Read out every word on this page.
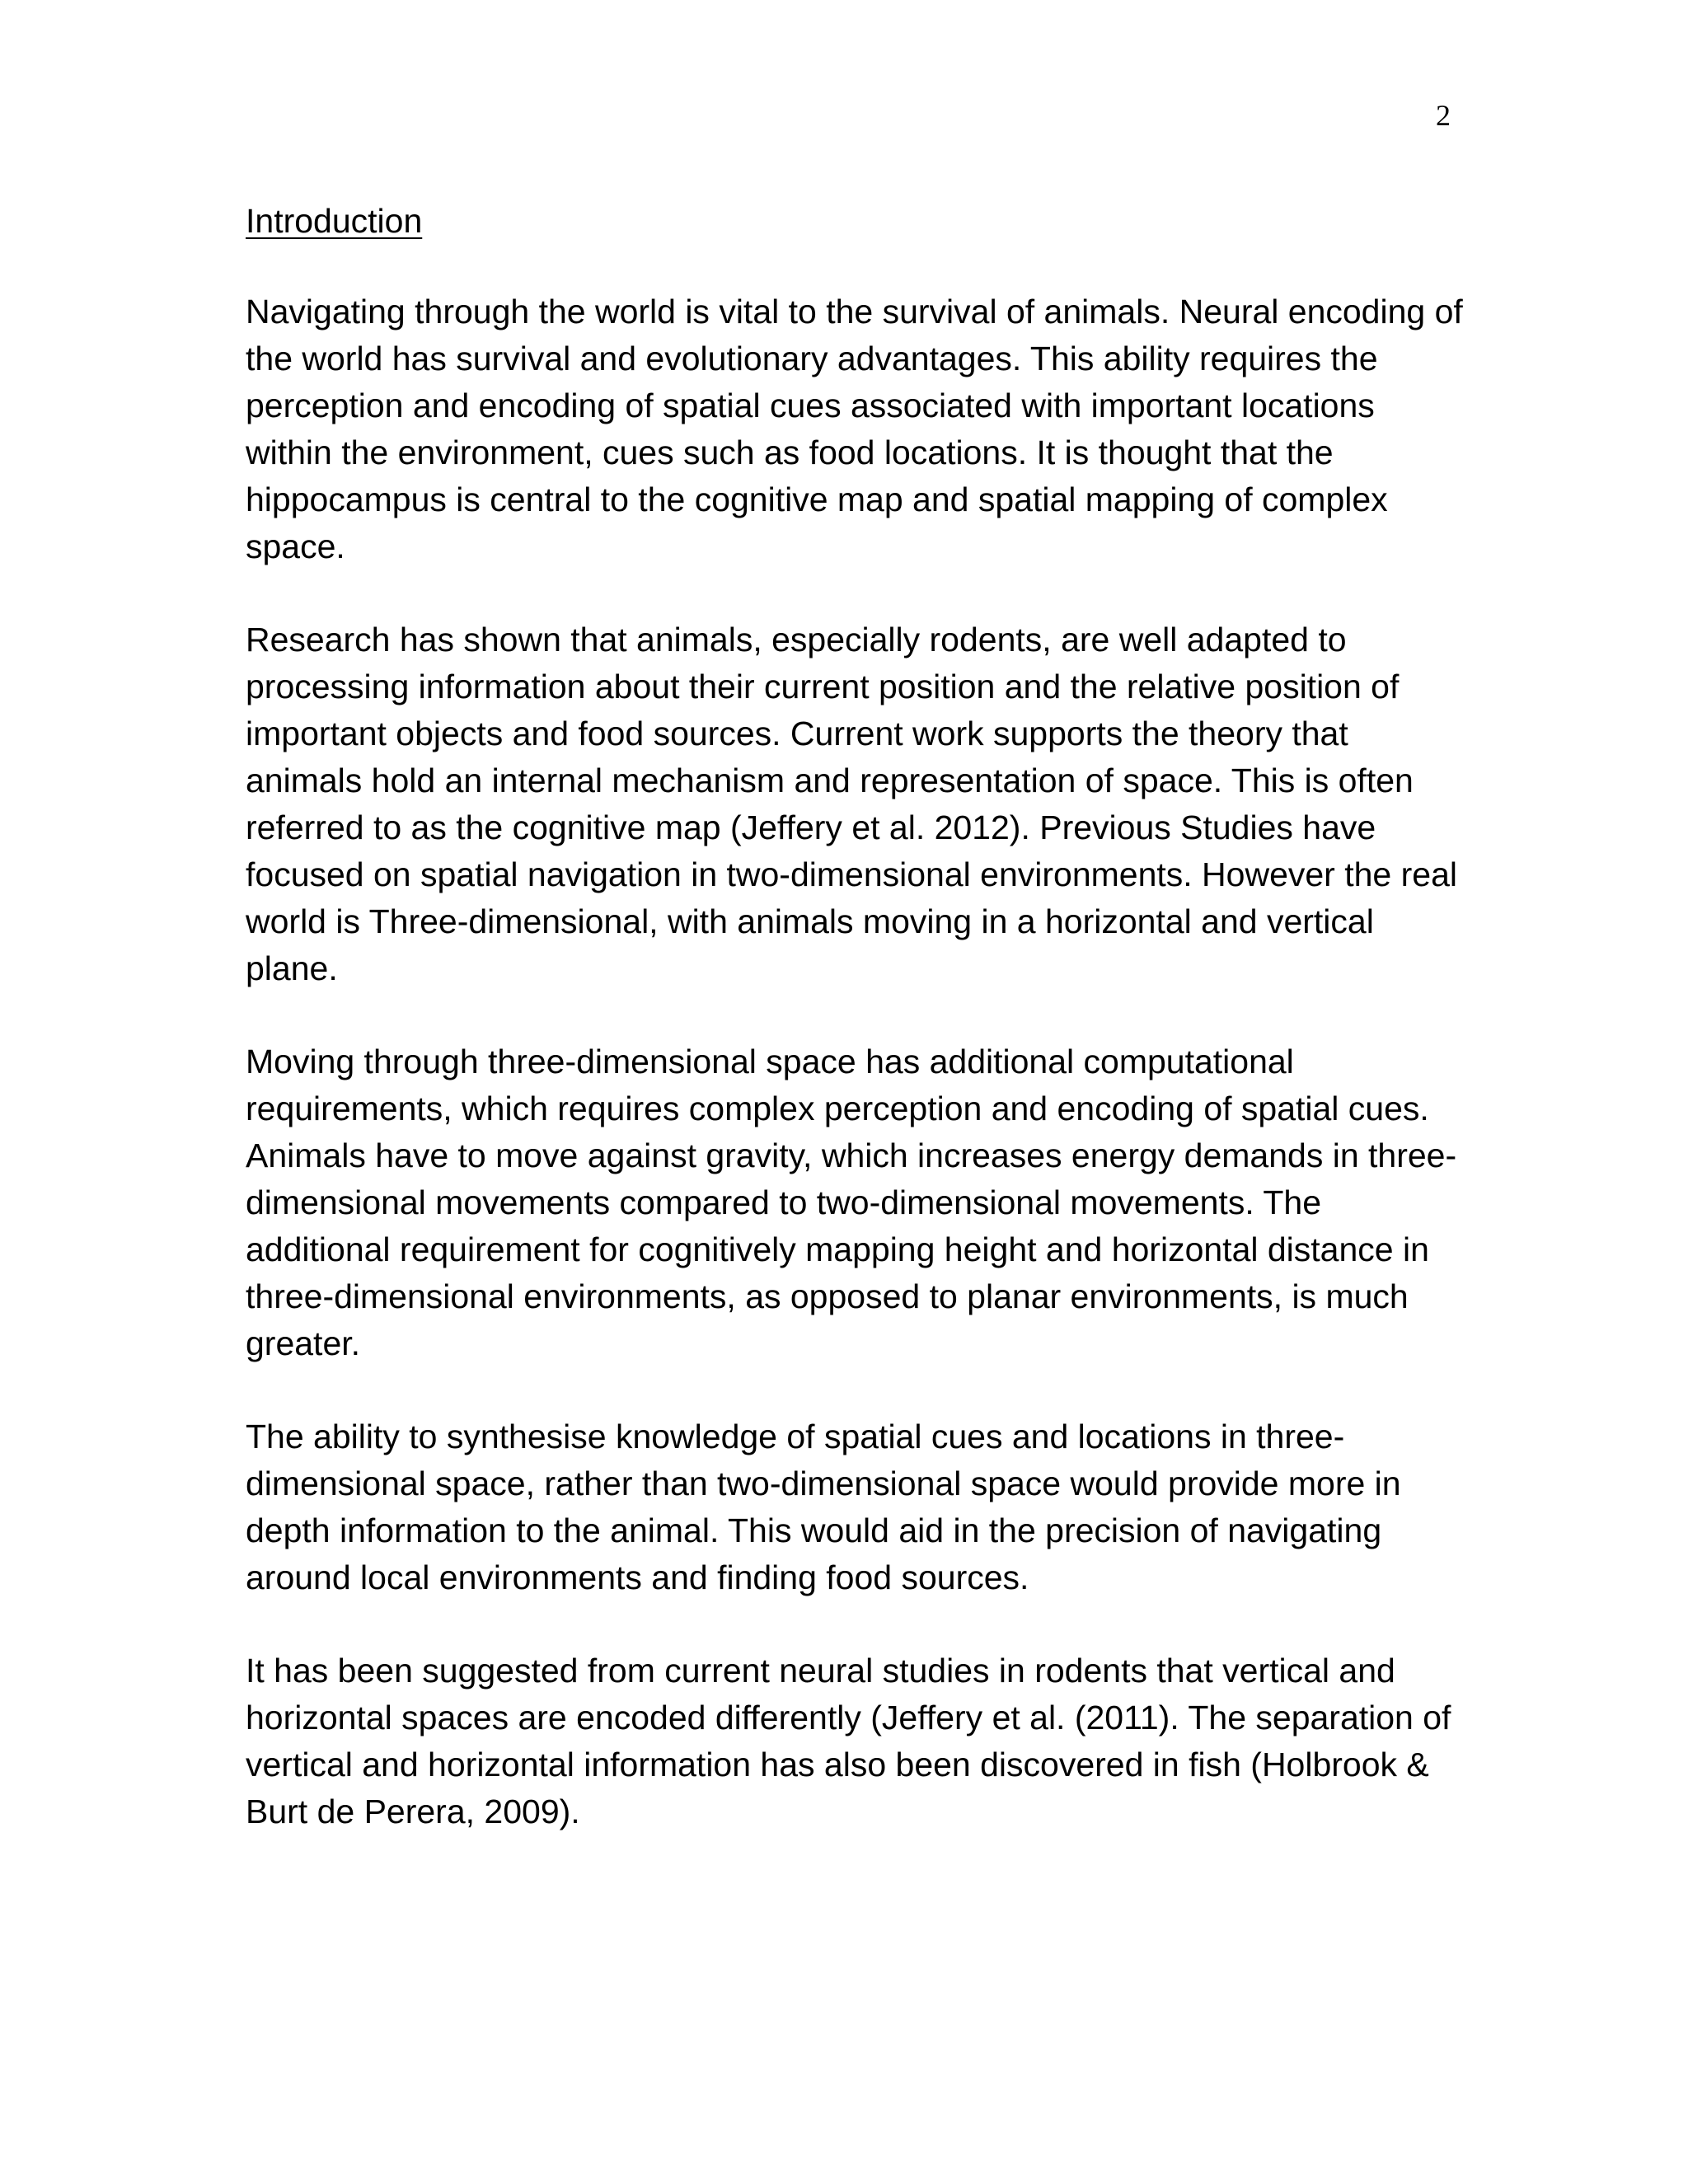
2
Introduction

Navigating through the world is vital to the survival of animals. Neural encoding of the world has survival and evolutionary advantages. This ability requires the perception and encoding of spatial cues associated with important locations within the environment, cues such as food locations. It is thought that the hippocampus is central to the cognitive map and spatial mapping of complex space.

Research has shown that animals, especially rodents, are well adapted to processing information about their current position and the relative position of important objects and food sources. Current work supports the theory that animals hold an internal mechanism and representation of space. This is often referred to as the cognitive map (Jeffery et al. 2012). Previous Studies have focused on spatial navigation in two-dimensional environments. However the real world is Three-dimensional, with animals moving in a horizontal and vertical plane.

Moving through three-dimensional space has additional computational requirements, which requires complex perception and encoding of spatial cues. Animals have to move against gravity, which increases energy demands in three-dimensional movements compared to two-dimensional movements. The additional requirement for cognitively mapping height and horizontal distance in three-dimensional environments, as opposed to planar environments, is much greater.

The ability to synthesise knowledge of spatial cues and locations in three-dimensional space, rather than two-dimensional space would provide more in depth information to the animal. This would aid in the precision of navigating around local environments and finding food sources.

It has been suggested from current neural studies in rodents that vertical and horizontal spaces are encoded differently (Jeffery et al. (2011). The separation of vertical and horizontal information has also been discovered in fish (Holbrook & Burt de Perera, 2009).
